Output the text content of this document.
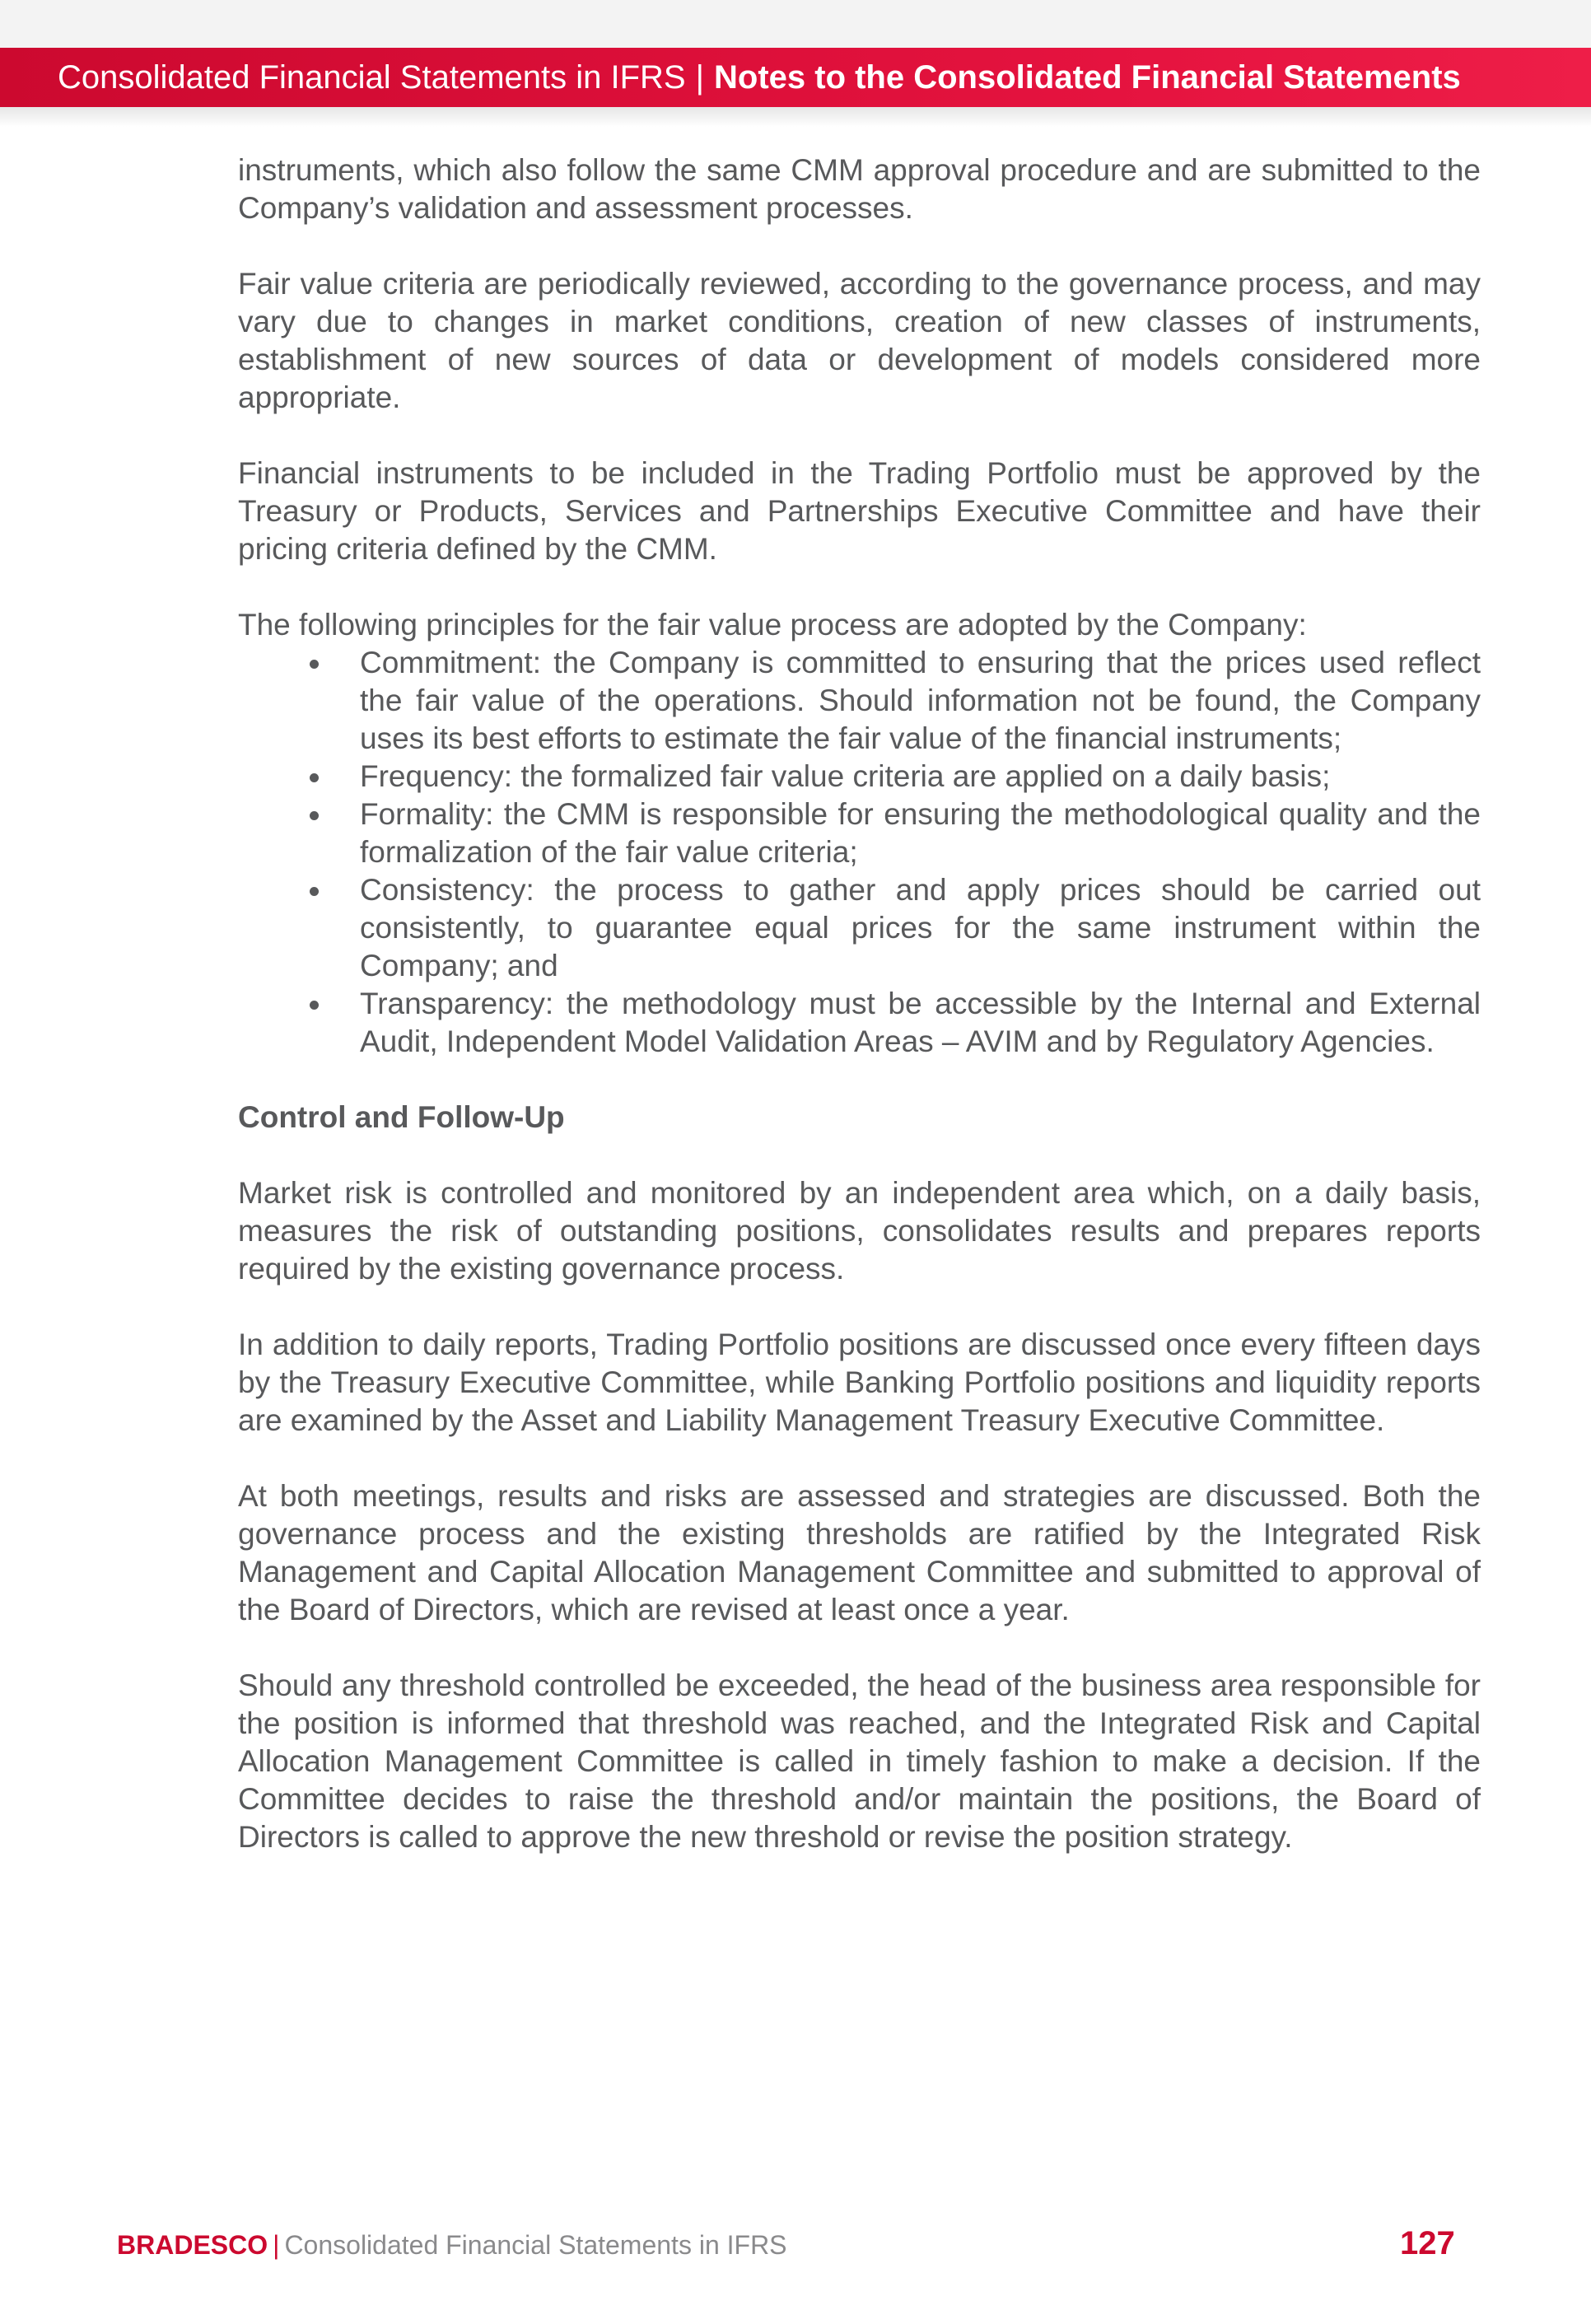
Consolidated Financial Statements in IFRS | Notes to the Consolidated Financial Statements

instruments, which also follow the same CMM approval procedure and are submitted to the Company’s validation and assessment processes.

Fair value criteria are periodically reviewed, according to the governance process, and may vary due to changes in market conditions, creation of new classes of instruments, establishment of new sources of data or development of models considered more appropriate.

Financial instruments to be included in the Trading Portfolio must be approved by the Treasury or Products, Services and Partnerships Executive Committee and have their pricing criteria defined by the CMM.

The following principles for the fair value process are adopted by the Company:

Commitment: the Company is committed to ensuring that the prices used reflect the fair value of the operations. Should information not be found, the Company uses its best efforts to estimate the fair value of the financial instruments;
Frequency: the formalized fair value criteria are applied on a daily basis;
Formality: the CMM is responsible for ensuring the methodological quality and the formalization of the fair value criteria;
Consistency: the process to gather and apply prices should be carried out consistently, to guarantee equal prices for the same instrument within the Company; and
Transparency: the methodology must be accessible by the Internal and External Audit, Independent Model Validation Areas – AVIM and by Regulatory Agencies.
Control and Follow-Up

Market risk is controlled and monitored by an independent area which, on a daily basis, measures the risk of outstanding positions, consolidates results and prepares reports required by the existing governance process.

In addition to daily reports, Trading Portfolio positions are discussed once every fifteen days by the Treasury Executive Committee, while Banking Portfolio positions and liquidity reports are examined by the Asset and Liability Management Treasury Executive Committee.

At both meetings, results and risks are assessed and strategies are discussed. Both the governance process and the existing thresholds are ratified by the Integrated Risk Management and Capital Allocation Management Committee and submitted to approval of the Board of Directors, which are revised at least once a year.

Should any threshold controlled be exceeded, the head of the business area responsible for the position is informed that threshold was reached, and the Integrated Risk and Capital Allocation Management Committee is called in timely fashion to make a decision. If the Committee decides to raise the threshold and/or maintain the positions, the Board of Directors is called to approve the new threshold or revise the position strategy.

BRADESCO | Consolidated Financial Statements in IFRS	127
